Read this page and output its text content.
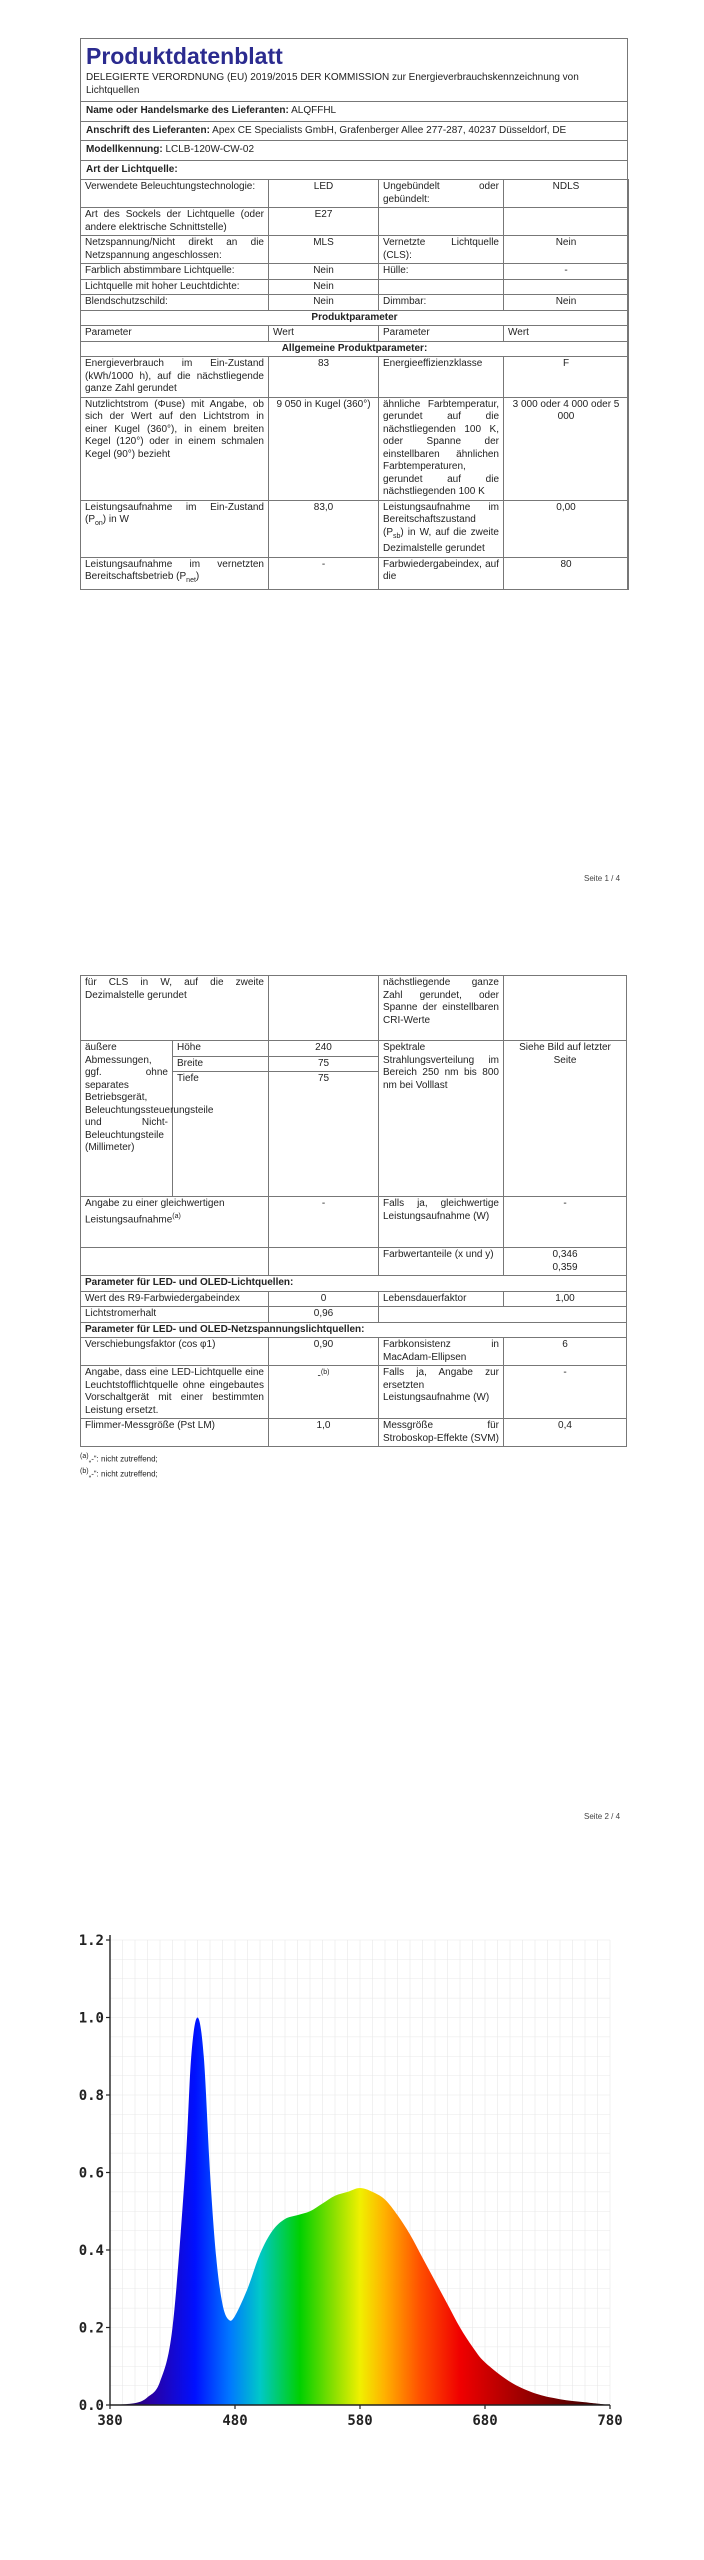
Produktdatenblatt
DELEGIERTE VERORDNUNG (EU) 2019/2015 DER KOMMISSION zur Energieverbrauchskennzeichnung von Lichtquellen
Name oder Handelsmarke des Lieferanten: ALQFFHL
Anschrift des Lieferanten: Apex CE Specialists GmbH, Grafenberger Allee 277-287, 40237 Düsseldorf, DE
Modellkennung: LCLB-120W-CW-02
Art der Lichtquelle:
Verwendete Beleuchtungstechnologie:	LED	Ungebündelt oder gebündelt:	NDLS
Art des Sockels der Lichtquelle (oder andere elektrische Schnittstelle)	E27		
Netzspannung/Nicht direkt an die Netzspannung angeschlossen:	MLS	Vernetzte Lichtquelle (CLS):	Nein
Farblich abstimmbare Lichtquelle:	Nein	Hülle:	-
Lichtquelle mit hoher Leuchtdichte:	Nein		
Blendschutzschild:	Nein	Dimmbar:	Nein
Produktparameter			
Parameter	Wert	Parameter	Wert
Allgemeine Produktparameter:			
Energieverbrauch im Ein-Zustand (kWh/1000 h), auf die nächstliegende ganze Zahl gerundet	83	Energieeffizienzklasse	F
Nutzlichtstrom (Φuse) mit Angabe, ob sich der Wert auf den Lichtstrom in einer Kugel (360°), in einem breiten Kegel (120°) oder in einem schmalen Kegel (90°) bezieht	9 050 in Kugel (360°)	ähnliche Farbtemperatur, gerundet auf die nächstliegenden 100 K, oder Spanne der einstellbaren ähnlichen Farbtemperaturen, gerundet auf die nächstliegenden 100 K	3 000 oder 4 000 oder 5 000
Leistungsaufnahme im Ein-Zustand $(P_{on})$ in W	83,0	Leistungsaufnahme im Bereitschaftszustand $(P_{sb})$ in W, auf die zweite Dezimalstelle gerundet	0,00
Leistungsaufnahme im vernetzten Bereitschaftsbetrieb $(P_{net})$	-	Farbwiedergabeindex, auf die	80
Seite 1 / 4
für CLS in W, auf die zweite Dezimalstelle gerundet			nächstliegende ganze Zahl gerundet, oder Spanne der einstellbaren CRI-Werte	
äußere Abmessungen, ggf. ohne separates Betriebsgerät, Beleuchtungssteuerungsteile und Nicht-Beleuchtungsteile (Millimeter)	Höhe	240	Spektrale Strahlungsverteilung im Bereich 250 nm bis 800 nm bei Volllast	Siehe Bild auf letzter Seite
	Breite	75		
	Tiefe	75		
Angabe zu einer gleichwertigen Leistungsaufnahme$^{(a)}$		-	Falls ja, gleichwertige Leistungsaufnahme (W)	-
			Farbwertanteile (x und y)	0,346
0,359

Parameter für LED- und OLED-Lichtquellen:				
Wert des R9-Farbwiedergabeindex		0	Lebensdauerfaktor	1,00
Lichtstromerhalt		0,96		
Parameter für LED- und OLED-Netzspannungslichtquellen:				
Verschiebungsfaktor (cos φ1)		0,90	Farbkonsistenz in MacAdam-Ellipsen	6
Angabe, dass eine LED-Lichtquelle eine Leuchtstofflichtquelle ohne eingebautes Vorschaltgerät mit einer bestimmten Leistung ersetzt.		-$^{(b)}$	Falls ja, Angabe zur ersetzten Leistungsaufnahme (W)	-
Flimmer-Messgröße (Pst LM)		1,0	Messgröße für Stroboskop-Effekte (SVM)	0,4
$^{(a)}$„-“: nicht zutreffend;
$^{(b)}$„-“: nicht zutreffend;
Seite 2 / 4
380	480	580	680	780
0.0
0.2
0.4
0.6
0.8
1.0
1.2
